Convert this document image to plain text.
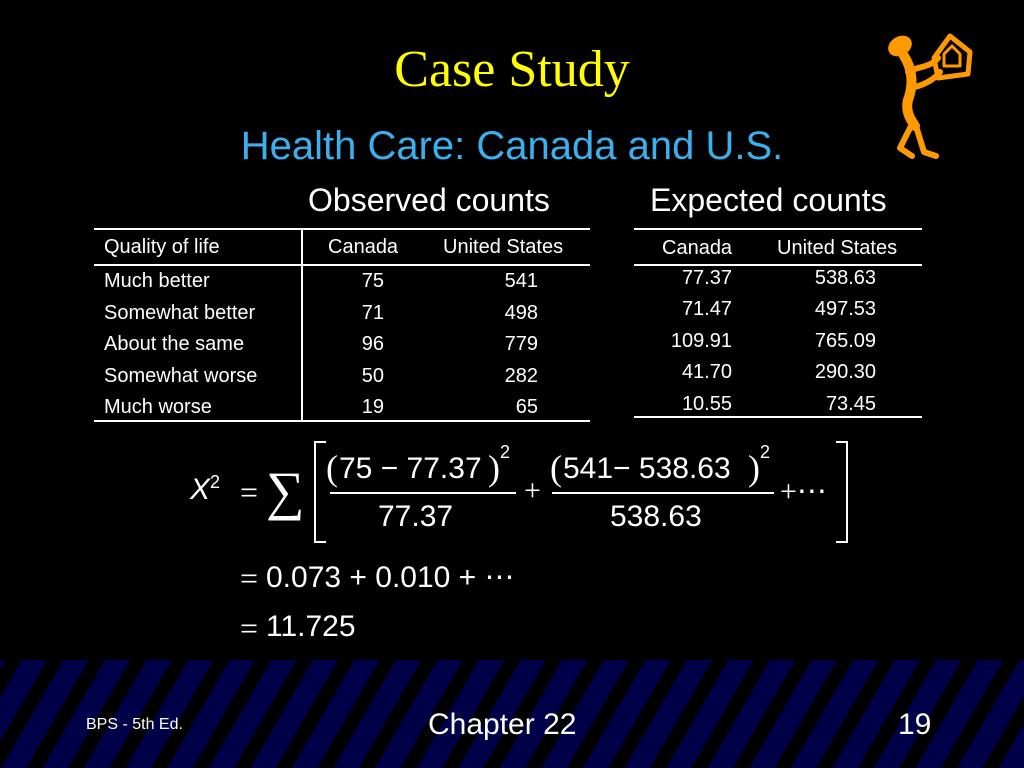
Case Study
Health Care: Canada and U.S.
Observed counts	Expected counts
Quality of life	Canada United States
Much better	75	541
Somewhat better	71	498
About the same	96	779
Somewhat worse	50	282
Much worse	19	65
Canada United States
77.37	538.63
71.47	497.53
109.91	765.09
41.70	290.30
10.55	73.45
$X^2$ = ∑ ( 75 − 77.37 ) 2
77.37
+
( 541− 538.63 ) 2
538.63
+⋯
= 0.073 + 0.010 + ⋯
= 11.725
BPS - 5th Ed.	Chapter 22	19
